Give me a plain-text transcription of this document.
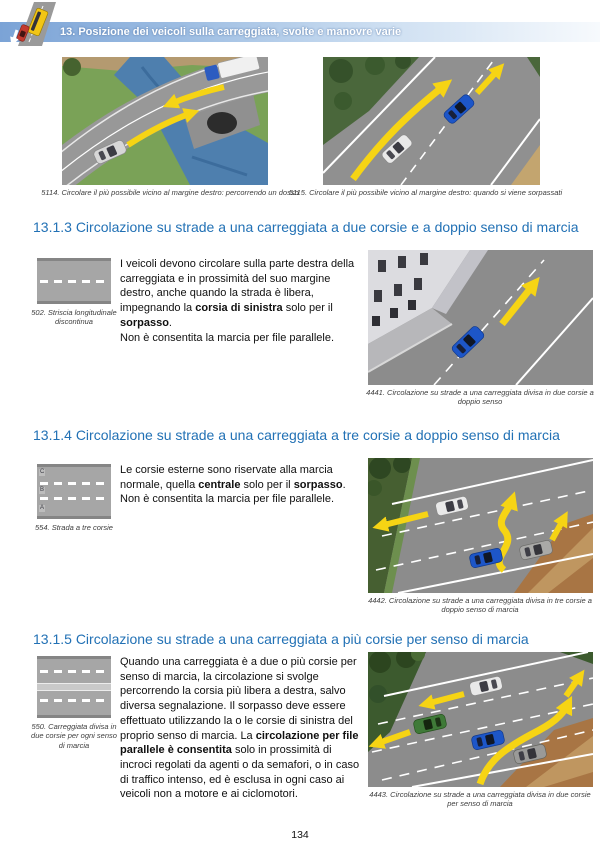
13. Posizione dei veicoli sulla carreggiata, svolte e manovre varie
5114. Circolare il più possibile vicino al margine destro: percorrendo un dosso
5115. Circolare il più possibile vicino al margine destro: quando si viene sorpassati
13.1.3 Circolazione su strade a una carreggiata a due corsie e a doppio senso di marcia
502. Striscia longitudinale discontinua

I veicoli devono circolare sulla parte destra della carreggiata e in prossimità del suo margine destro, anche quando la strada è libera, impegnando la corsia di sinistra solo per il sorpasso.

Non è consentita la marcia per file parallele.

4441. Circolazione su strade a una carreggiata divisa in due corsie a doppio senso
13.1.4 Circolazione su strade a una carreggiata a tre corsie a doppio senso di marcia
C
B
A
554. Strada a tre corsie

Le corsie esterne sono riservate alla marcia normale, quella centrale solo per il sorpasso.

Non è consentita la marcia per file parallele.

4442. Circolazione su strade a una carreggiata divisa in tre corsie a doppio senso di marcia
13.1.5 Circolazione su strade a una carreggiata a più corsie per senso di marcia
550. Carreggiata divisa in due corsie per ogni senso di marcia

Quando una carreggiata è a due o più corsie per senso di marcia, la circolazione si svolge percorrendo la corsia più libera a destra, salvo diversa segnalazione. Il sorpasso deve essere effettuato utilizzando la o le corsie di sinistra del proprio senso di marcia. La circolazione per file parallele è consentita solo in prossimità di incroci regolati da agenti o da semafori, o in caso di traffico intenso, ed è esclusa in ogni caso ai veicoli non a motore e ai ciclomotori.	4443. Circolazione su strade a una carreggiata divisa in due corsie per senso di marcia
134
